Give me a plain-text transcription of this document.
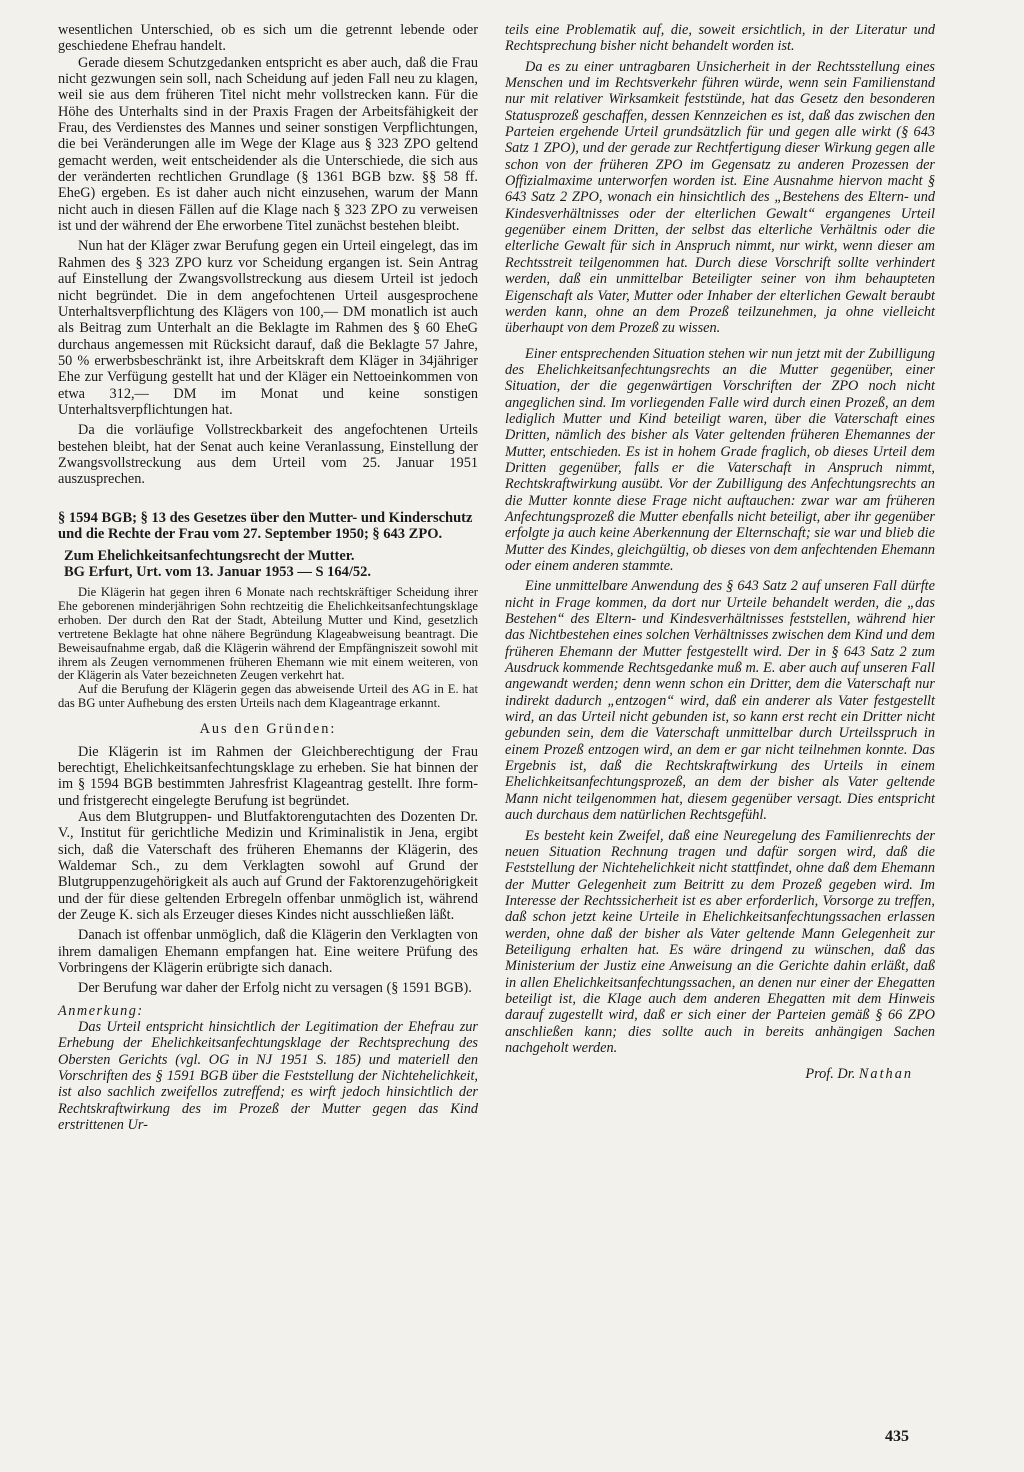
wesentlichen Unterschied, ob es sich um die getrennt lebende oder geschiedene Ehefrau handelt.

Gerade diesem Schutzgedanken entspricht es aber auch, daß die Frau nicht gezwungen sein soll, nach Scheidung auf jeden Fall neu zu klagen, weil sie aus dem früheren Titel nicht mehr vollstrecken kann. Für die Höhe des Unterhalts sind in der Praxis Fragen der Arbeitsfähigkeit der Frau, des Verdienstes des Mannes und seiner sonstigen Verpflichtungen, die bei Veränderungen alle im Wege der Klage aus § 323 ZPO geltend gemacht werden, weit entscheidender als die Unterschiede, die sich aus der veränderten rechtlichen Grundlage (§ 1361 BGB bzw. §§ 58 ff. EheG) ergeben. Es ist daher auch nicht einzusehen, warum der Mann nicht auch in diesen Fällen auf die Klage nach § 323 ZPO zu verweisen ist und der während der Ehe erworbene Titel zunächst bestehen bleibt.

Nun hat der Kläger zwar Berufung gegen ein Urteil eingelegt, das im Rahmen des § 323 ZPO kurz vor Scheidung ergangen ist. Sein Antrag auf Einstellung der Zwangsvollstreckung aus diesem Urteil ist jedoch nicht begründet. Die in dem angefochtenen Urteil ausgesprochene Unterhaltsverpflichtung des Klägers von 100,— DM monatlich ist auch als Beitrag zum Unterhalt an die Beklagte im Rahmen des § 60 EheG durchaus angemessen mit Rücksicht darauf, daß die Beklagte 57 Jahre, 50 % erwerbsbeschränkt ist, ihre Arbeitskraft dem Kläger in 34jähriger Ehe zur Verfügung gestellt hat und der Kläger ein Nettoeinkommen von etwa 312,— DM im Monat und keine sonstigen Unterhaltsverpflichtungen hat.

Da die vorläufige Vollstreckbarkeit des angefochtenen Urteils bestehen bleibt, hat der Senat auch keine Veranlassung, Einstellung der Zwangsvollstreckung aus dem Urteil vom 25. Januar 1951 auszusprechen.

§ 1594 BGB; § 13 des Gesetzes über den Mutter- und Kinderschutz und die Rechte der Frau vom 27. September 1950; § 643 ZPO.

Zum Ehelichkeitsanfechtungsrecht der Mutter.

BG Erfurt, Urt. vom 13. Januar 1953 — S 164/52.

Die Klägerin hat gegen ihren 6 Monate nach rechtskräftiger Scheidung ihrer Ehe geborenen minderjährigen Sohn rechtzeitig die Ehelichkeitsanfechtungsklage erhoben. Der durch den Rat der Stadt, Abteilung Mutter und Kind, gesetzlich vertretene Beklagte hat ohne nähere Begründung Klageabweisung beantragt. Die Beweisaufnahme ergab, daß die Klägerin während der Empfängniszeit sowohl mit ihrem als Zeugen vernommenen früheren Ehemann wie mit einem weiteren, von der Klägerin als Vater bezeichneten Zeugen verkehrt hat.

Auf die Berufung der Klägerin gegen das abweisende Urteil des AG in E. hat das BG unter Aufhebung des ersten Urteils nach dem Klageantrage erkannt.

Aus den Gründen:

Die Klägerin ist im Rahmen der Gleichberechtigung der Frau berechtigt, Ehelichkeitsanfechtungsklage zu erheben. Sie hat binnen der im § 1594 BGB bestimmten Jahresfrist Klageantrag gestellt. Ihre form- und fristgerecht eingelegte Berufung ist begründet.

Aus dem Blutgruppen- und Blutfaktorengutachten des Dozenten Dr. V., Institut für gerichtliche Medizin und Kriminalistik in Jena, ergibt sich, daß die Vaterschaft des früheren Ehemanns der Klägerin, des Waldemar Sch., zu dem Verklagten sowohl auf Grund der Blutgruppenzugehörigkeit als auch auf Grund der Faktorenzugehörigkeit und der für diese geltenden Erbregeln offenbar unmöglich ist, während der Zeuge K. sich als Erzeuger dieses Kindes nicht ausschließen läßt.

Danach ist offenbar unmöglich, daß die Klägerin den Verklagten von ihrem damaligen Ehemann empfangen hat. Eine weitere Prüfung des Vorbringens der Klägerin erübrigte sich danach.

Der Berufung war daher der Erfolg nicht zu versagen (§ 1591 BGB).

Anmerkung:

Das Urteil entspricht hinsichtlich der Legitimation der Ehefrau zur Erhebung der Ehelichkeitsanfechtungsklage der Rechtsprechung des Obersten Gerichts (vgl. OG in NJ 1951 S. 185) und materiell den Vorschriften des § 1591 BGB über die Feststellung der Nichtehelichkeit, ist also sachlich zweifellos zutreffend; es wirft jedoch hinsichtlich der Rechtskraftwirkung des im Prozeß der Mutter gegen das Kind erstrittenen Ur-

teils eine Problematik auf, die, soweit ersichtlich, in der Literatur und Rechtsprechung bisher nicht behandelt worden ist.

Da es zu einer untragbaren Unsicherheit in der Rechtsstellung eines Menschen und im Rechtsverkehr führen würde, wenn sein Familienstand nur mit relativer Wirksamkeit feststünde, hat das Gesetz den besonderen Statusprozeß geschaffen, dessen Kennzeichen es ist, daß das zwischen den Parteien ergehende Urteil grundsätzlich für und gegen alle wirkt (§ 643 Satz 1 ZPO), und der gerade zur Rechtfertigung dieser Wirkung gegen alle schon von der früheren ZPO im Gegensatz zu anderen Prozessen der Offizialmaxime unterworfen worden ist. Eine Ausnahme hiervon macht § 643 Satz 2 ZPO, wonach ein hinsichtlich des „Bestehens des Eltern- und Kindesverhältnisses oder der elterlichen Gewalt“ ergangenes Urteil gegenüber einem Dritten, der selbst das elterliche Verhältnis oder die elterliche Gewalt für sich in Anspruch nimmt, nur wirkt, wenn dieser am Rechtsstreit teilgenommen hat. Durch diese Vorschrift sollte verhindert werden, daß ein unmittelbar Beteiligter seiner von ihm behaupteten Eigenschaft als Vater, Mutter oder Inhaber der elterlichen Gewalt beraubt werden kann, ohne an dem Prozeß teilzunehmen, ja ohne vielleicht überhaupt von dem Prozeß zu wissen.

Einer entsprechenden Situation stehen wir nun jetzt mit der Zubilligung des Ehelichkeitsanfechtungsrechts an die Mutter gegenüber, einer Situation, der die gegenwärtigen Vorschriften der ZPO noch nicht angeglichen sind. Im vorliegenden Falle wird durch einen Prozeß, an dem lediglich Mutter und Kind beteiligt waren, über die Vaterschaft eines Dritten, nämlich des bisher als Vater geltenden früheren Ehemannes der Mutter, entschieden. Es ist in hohem Grade fraglich, ob dieses Urteil dem Dritten gegenüber, falls er die Vaterschaft in Anspruch nimmt, Rechtskraftwirkung ausübt. Vor der Zubilligung des Anfechtungsrechts an die Mutter konnte diese Frage nicht auftauchen: zwar war am früheren Anfechtungsprozeß die Mutter ebenfalls nicht beteiligt, aber ihr gegenüber erfolgte ja auch keine Aberkennung der Elternschaft; sie war und blieb die Mutter des Kindes, gleichgültig, ob dieses von dem anfechtenden Ehemann oder einem anderen stammte.

Eine unmittelbare Anwendung des § 643 Satz 2 auf unseren Fall dürfte nicht in Frage kommen, da dort nur Urteile behandelt werden, die „das Bestehen“ des Eltern- und Kindesverhältnisses feststellen, während hier das Nichtbestehen eines solchen Verhältnisses zwischen dem Kind und dem früheren Ehemann der Mutter festgestellt wird. Der in § 643 Satz 2 zum Ausdruck kommende Rechtsgedanke muß m. E. aber auch auf unseren Fall angewandt werden; denn wenn schon ein Dritter, dem die Vaterschaft nur indirekt dadurch „entzogen“ wird, daß ein anderer als Vater festgestellt wird, an das Urteil nicht gebunden ist, so kann erst recht ein Dritter nicht gebunden sein, dem die Vaterschaft unmittelbar durch Urteilsspruch in einem Prozeß entzogen wird, an dem er gar nicht teilnehmen konnte. Das Ergebnis ist, daß die Rechtskraftwirkung des Urteils in einem Ehelichkeitsanfechtungsprozeß, an dem der bisher als Vater geltende Mann nicht teilgenommen hat, diesem gegenüber versagt. Dies entspricht auch durchaus dem natürlichen Rechtsgefühl.

Es besteht kein Zweifel, daß eine Neuregelung des Familienrechts der neuen Situation Rechnung tragen und dafür sorgen wird, daß die Feststellung der Nichtehelichkeit nicht stattfindet, ohne daß dem Ehemann der Mutter Gelegenheit zum Beitritt zu dem Prozeß gegeben wird. Im Interesse der Rechtssicherheit ist es aber erforderlich, Vorsorge zu treffen, daß schon jetzt keine Urteile in Ehelichkeitsanfechtungssachen erlassen werden, ohne daß der bisher als Vater geltende Mann Gelegenheit zur Beteiligung erhalten hat. Es wäre dringend zu wünschen, daß das Ministerium der Justiz eine Anweisung an die Gerichte dahin erläßt, daß in allen Ehelichkeitsanfechtungssachen, an denen nur einer der Ehegatten beteiligt ist, die Klage auch dem anderen Ehegatten mit dem Hinweis darauf zugestellt wird, daß er sich einer der Parteien gemäß § 66 ZPO anschließen kann; dies sollte auch in bereits anhängigen Sachen nachgeholt werden.

Prof. Dr. Nathan

435
